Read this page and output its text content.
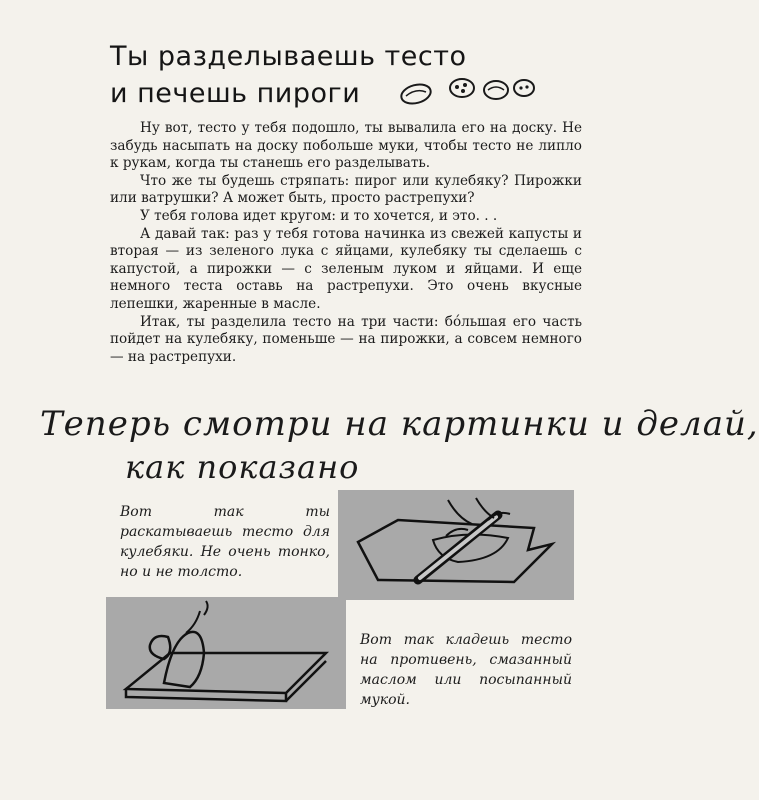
Ты разделываешь тесто
и печешь пироги

Ну вот, тесто у тебя подошло, ты вывалила его на доску. Не забудь насыпать на доску побольше муки, чтобы тесто не липло к рукам, когда ты станешь его разделывать.

Что же ты будешь стряпать: пирог или кулебяку? Пирожки или ватрушки? А может быть, просто растрепухи?

У тебя голова идет кругом: и то хочется, и это. . .

А давай так: раз у тебя готова начинка из свежей капусты и вторая — из зеленого лука с яйцами, кулебяку ты сделаешь с капустой, а пирожки — с зеленым луком и яйцами. И еще немного теста оставь на растрепухи. Это очень вкусные лепешки, жаренные в масле.

Итак, ты разделила тесто на три части: бóльшая его часть пойдет на кулебяку, поменьше — на пирожки, а совсем немного — на растрепухи.

Теперь смотри на картинки и делай,
как показано
Вот так ты раскатываешь тесто для кулебяки. Не очень тонко, но и не толсто.
Вот так кладешь тесто на противень, смазанный маслом или посыпанный мукой.
